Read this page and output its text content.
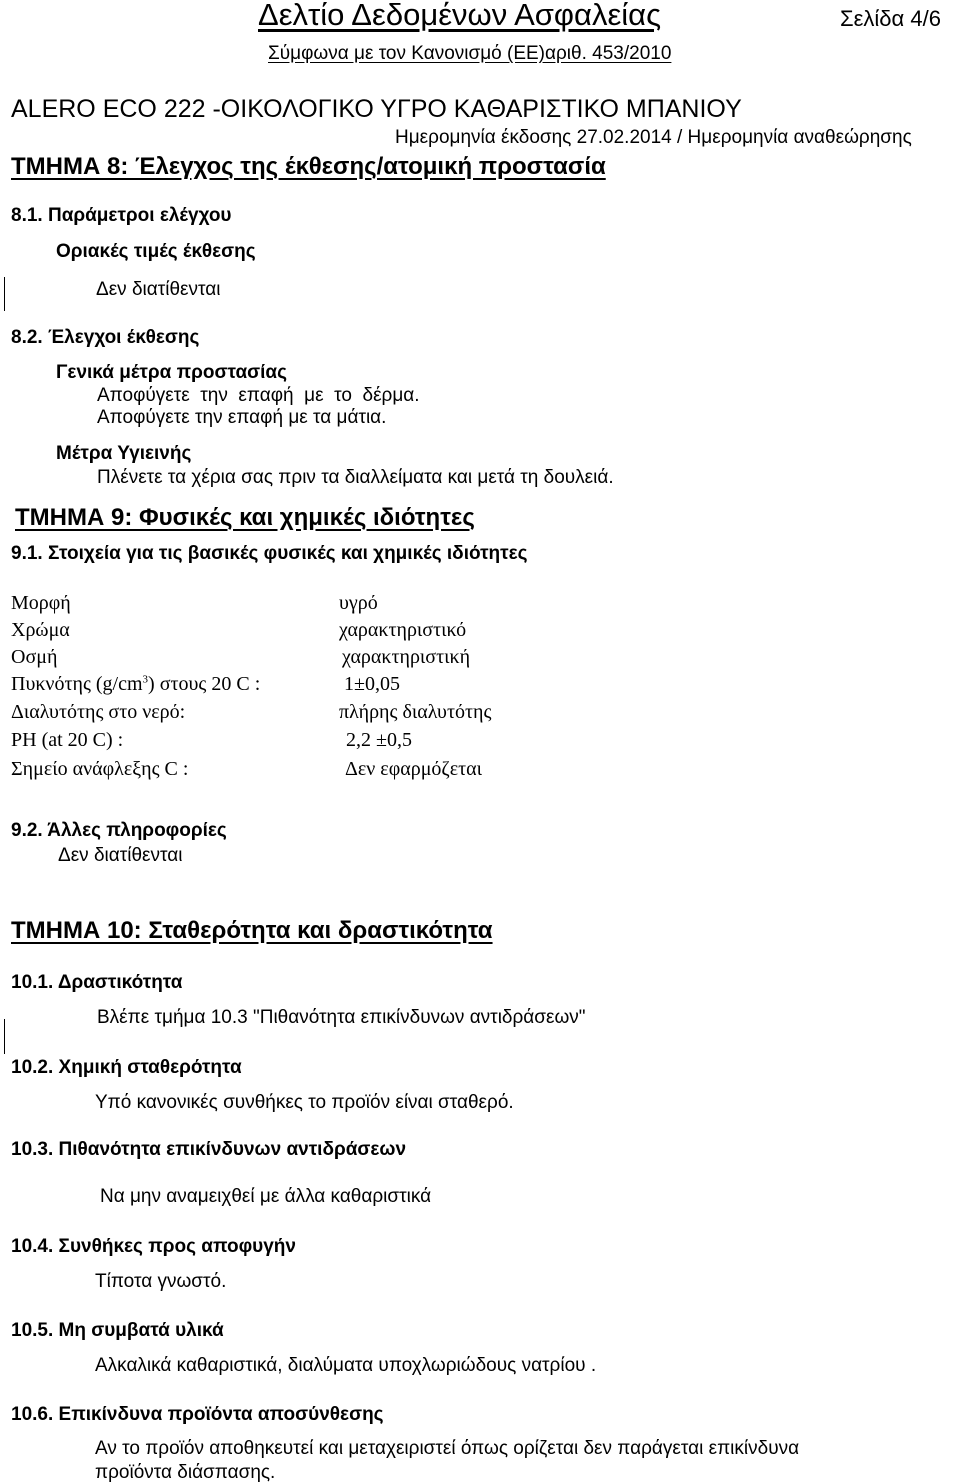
Δελτίο Δεδομένων Ασφαλείας	Σελίδα 4/6
Σύμφωνα με τον Κανονισμό (ΕΕ)αριθ. 453/2010
ALERO ECO 222 -ΟΙΚΟΛΟΓΙΚΟ ΥΓΡΟ ΚΑΘΑΡΙΣΤΙΚΟ ΜΠΑΝΙΟΥ
Ημερομηνία έκδοσης 27.02.2014 / Ημερομηνία αναθεώρησης
ΤΜΗΜΑ 8: Έλεγχος της έκθεσης/ατομική προστασία
8.1. Παράμετροι ελέγχου
Οριακές τιμές έκθεσης
Δεν διατίθενται
8.2. Έλεγχοι έκθεσης
Γενικά μέτρα προστασίας
Αποφύγετε  την  επαφή  με  το  δέρμα.
Αποφύγετε την επαφή με τα μάτια.
Μέτρα Υγιεινής
Πλένετε τα χέρια σας πριν τα διαλλείματα και μετά τη δουλειά.
ΤΜΗΜΑ 9: Φυσικές και χημικές ιδιότητες
9.1. Στοιχεία για τις βασικές φυσικές και χημικές ιδιότητες
Μορφή	υγρό
Χρώμα	χαρακτηριστικό
Οσμή	χαρακτηριστική
Πυκνότης $(g/cm^3)$ στους 20 C :	1±0,05
Διαλυτότης στο νερό:	πλήρης διαλυτότης
PH (at 20 C) :	2,2 ±0,5
Σημείο ανάφλεξης C :	Δεν εφαρμόζεται
9.2. Άλλες πληροφορίες
Δεν διατίθενται
ΤΜΗΜΑ 10: Σταθερότητα και δραστικότητα
10.1. Δραστικότητα
Βλέπε τμήμα 10.3 "Πιθανότητα επικίνδυνων αντιδράσεων"
10.2. Χημική σταθερότητα
Υπό κανονικές συνθήκες το προϊόν είναι σταθερό.
10.3. Πιθανότητα επικίνδυνων αντιδράσεων
Να μην αναμειχθεί με άλλα καθαριστικά
10.4. Συνθήκες προς αποφυγήν
Τίποτα γνωστό.
10.5. Μη συμβατά υλικά
Αλκαλικά καθαριστικά, διαλύματα υποχλωριώδους νατρίου .
10.6. Επικίνδυνα προϊόντα αποσύνθεσης
Αν το προϊόν αποθηκευτεί και μεταχειριστεί όπως ορίζεται δεν παράγεται επικίνδυνα
προϊόντα διάσπασης.
